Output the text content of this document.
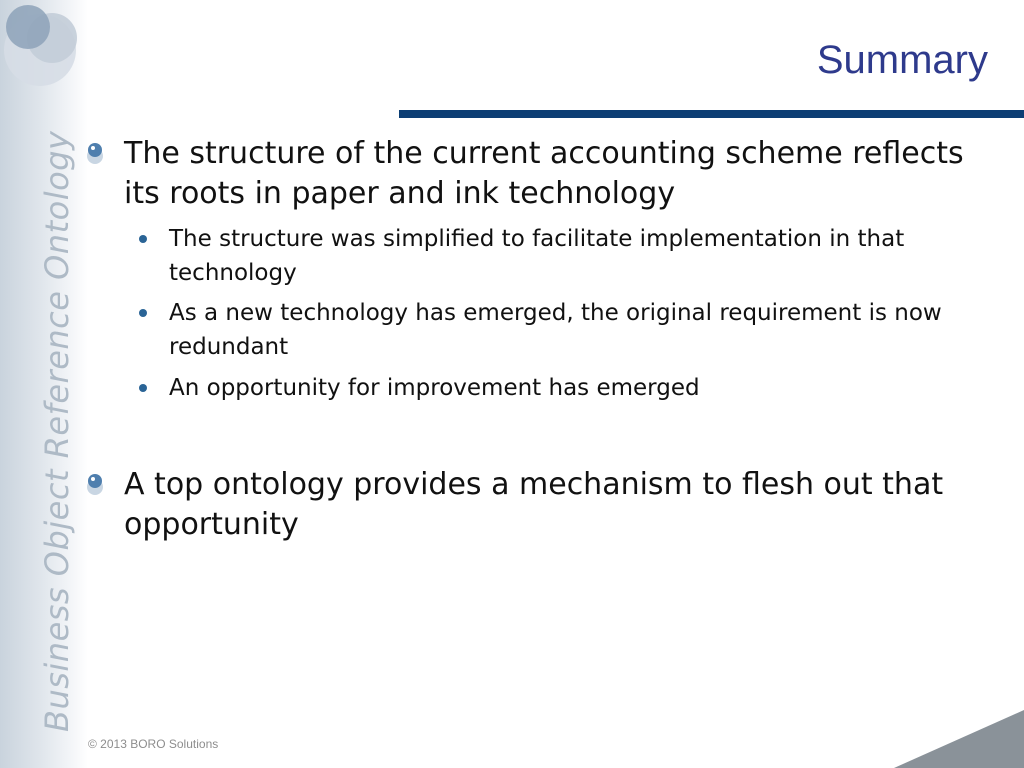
Business Object Reference Ontology
Summary
The structure of the current accounting scheme reflects its roots in paper and ink technology
The structure was simplified to facilitate implementation in that technology
As a new technology has emerged, the original requirement is now redundant
An opportunity for improvement has emerged
A top ontology provides a mechanism to flesh out that opportunity
© 2013 BORO Solutions
